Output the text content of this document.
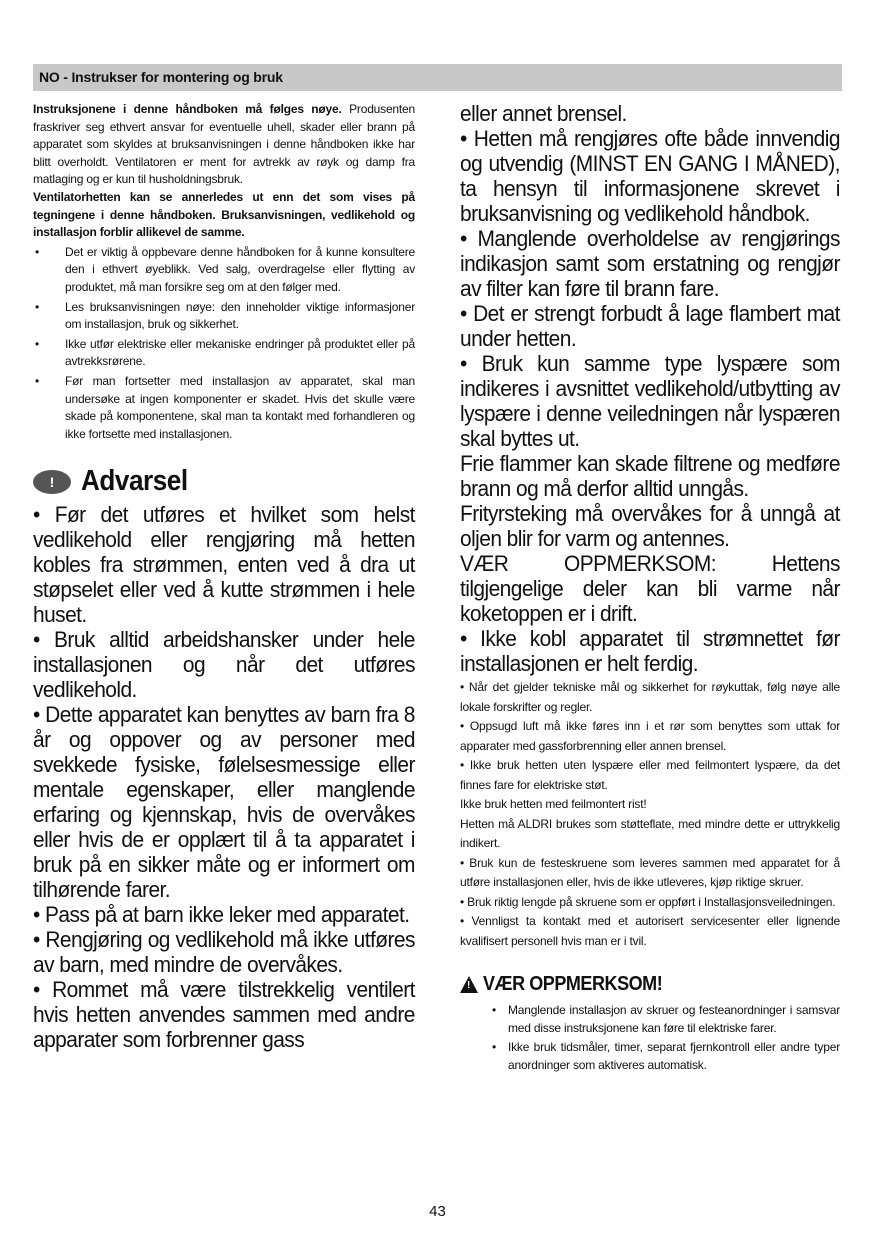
NO - Instrukser for montering og bruk

Instruksjonene i denne håndboken må følges nøye. Produsenten fraskriver seg ethvert ansvar for eventuelle uhell, skader eller brann på apparatet som skyldes at bruksanvisningen i denne håndboken ikke har blitt overholdt. Ventilatoren er ment for avtrekk av røyk og damp fra matlaging og er kun til husholdningsbruk.

Ventilatorhetten kan se annerledes ut enn det som vises på tegningene i denne håndboken. Bruksanvisningen, vedlikehold og installasjon forblir allikevel de samme.

• Det er viktig å oppbevare denne håndboken for å kunne konsultere den i ethvert øyeblikk. Ved salg, overdragelse eller flytting av produktet, må man forsikre seg om at den følger med.
• Les bruksanvisningen nøye: den inneholder viktige informasjoner om installasjon, bruk og sikkerhet.
• Ikke utfør elektriske eller mekaniske endringer på produktet eller på avtrekksrørene.
• Før man fortsetter med installasjon av apparatet, skal man undersøke at ingen komponenter er skadet. Hvis det skulle være skade på komponentene, skal man ta kontakt med forhandleren og ikke fortsette med installasjonen.
! Advarsel

• Før det utføres et hvilket som helst vedlikehold eller rengjøring må hetten kobles fra strømmen, enten ved å dra ut støpselet eller ved å kutte strømmen i hele huset.

• Bruk alltid arbeidshansker under hele installasjonen og når det utføres vedlikehold.

• Dette apparatet kan benyttes av barn fra 8 år og oppover og av personer med svekkede fysiske, følelsesmessige eller mentale egenskaper, eller manglende erfaring og kjennskap, hvis de overvåkes eller hvis de er opplært til å ta apparatet i bruk på en sikker måte og er informert om tilhørende farer.

• Pass på at barn ikke leker med apparatet.

• Rengjøring og vedlikehold må ikke utføres av barn, med mindre de overvåkes.

• Rommet må være tilstrekkelig ventilert hvis hetten anvendes sammen med andre apparater som forbrenner gass

eller annet brensel.

• Hetten må rengjøres ofte både innvendig og utvendig (MINST EN GANG I MÅNED), ta hensyn til informasjonene skrevet i bruksanvisning og vedlikehold håndbok.

• Manglende overholdelse av rengjørings indikasjon samt som erstatning og rengjør av filter kan føre til brann fare.

• Det er strengt forbudt å lage flambert mat under hetten.

• Bruk kun samme type lyspære som indikeres i avsnittet vedlikehold/utbytting av lyspære i denne veiledningen når lyspæren skal byttes ut.

Frie flammer kan skade filtrene og medføre brann og må derfor alltid unngås.

Frityrsteking må overvåkes for å unngå at oljen blir for varm og antennes.

VÆR OPPMERKSOM: Hettens tilgjengelige deler kan bli varme når koketoppen er i drift.

• Ikke kobl apparatet til strømnettet før installasjonen er helt ferdig.

• Når det gjelder tekniske mål og sikkerhet for røykuttak, følg nøye alle lokale forskrifter og regler.

• Oppsugd luft må ikke føres inn i et rør som benyttes som uttak for apparater med gassforbrenning eller annen brensel.

• Ikke bruk hetten uten lyspære eller med feilmontert lyspære, da det finnes fare for elektriske støt.

Ikke bruk hetten med feilmontert rist!

Hetten må ALDRI brukes som støtteflate, med mindre dette er uttrykkelig indikert.

• Bruk kun de festeskruene som leveres sammen med apparatet for å utføre installasjonen eller, hvis de ikke utleveres, kjøp riktige skruer.

• Bruk riktig lengde på skruene som er oppført i Installasjonsveiledningen.

• Vennligst ta kontakt med et autorisert servicesenter eller lignende kvalifisert personell hvis man er i tvil.

! VÆR OPPMERKSOM!
• Manglende installasjon av skruer og festeanordninger i samsvar med disse instruksjonene kan føre til elektriske farer.
• Ikke bruk tidsmåler, timer, separat fjernkontroll eller andre typer anordninger som aktiveres automatisk.
43
